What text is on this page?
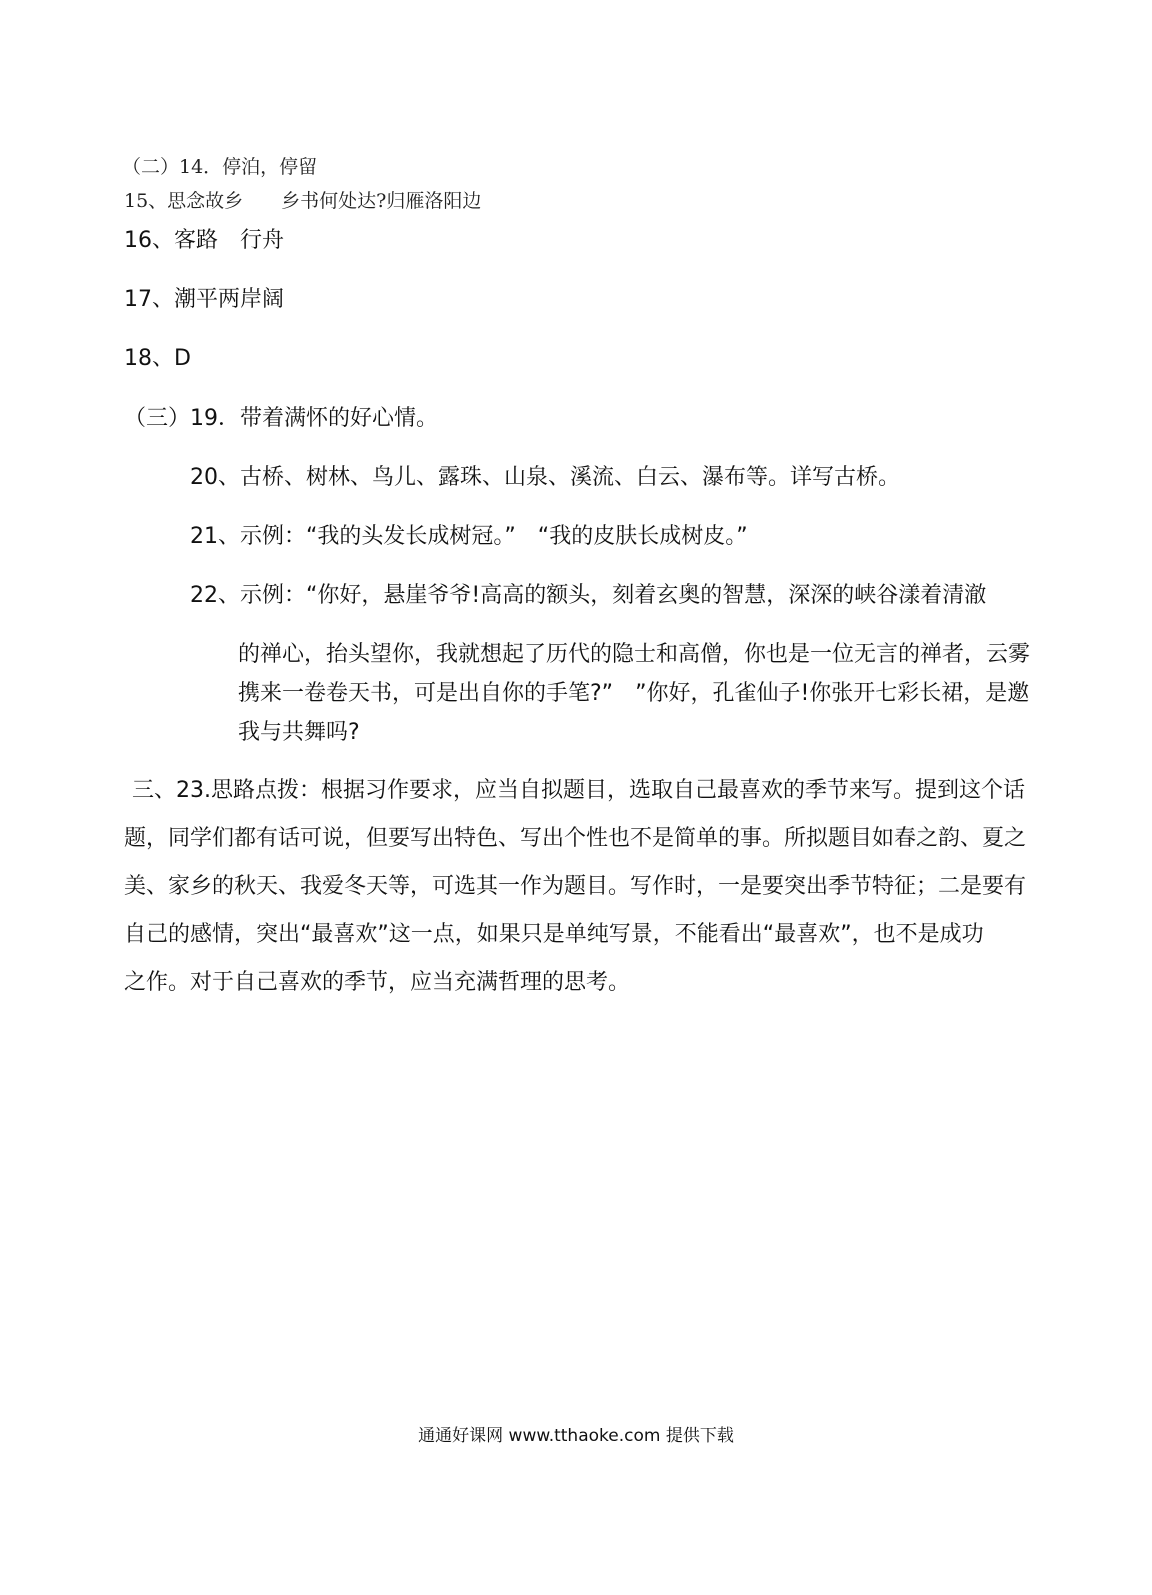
（二）14．停泊，停留

15、思念故乡　　乡书何处达?归雁洛阳边

16、客路　行舟

17、潮平两岸阔

18、D

（三）19．带着满怀的好心情。

20、古桥、树林、鸟儿、露珠、山泉、溪流、白云、瀑布等。详写古桥。

21、示例：“我的头发长成树冠。”　“我的皮肤长成树皮。”

22、示例：“你好，悬崖爷爷!高高的额头，刻着玄奥的智慧，深深的峡谷漾着清澈

的禅心，抬头望你，我就想起了历代的隐士和高僧，你也是一位无言的禅者，云雾

携来一卷卷天书，可是出自你的手笔?”　”你好，孔雀仙子!你张开七彩长裙，是邀

我与共舞吗?

三、23.思路点拨：根据习作要求，应当自拟题目，选取自己最喜欢的季节来写。提到这个话

题，同学们都有话可说，但要写出特色、写出个性也不是简单的事。所拟题目如春之韵、夏之

美、家乡的秋天、我爱冬天等，可选其一作为题目。写作时，一是要突出季节特征；二是要有

自己的感情，突出“最喜欢”这一点，如果只是单纯写景，不能看出“最喜欢”，也不是成功

之作。对于自己喜欢的季节，应当充满哲理的思考。

通通好课网 www.tthaoke.com 提供下载
